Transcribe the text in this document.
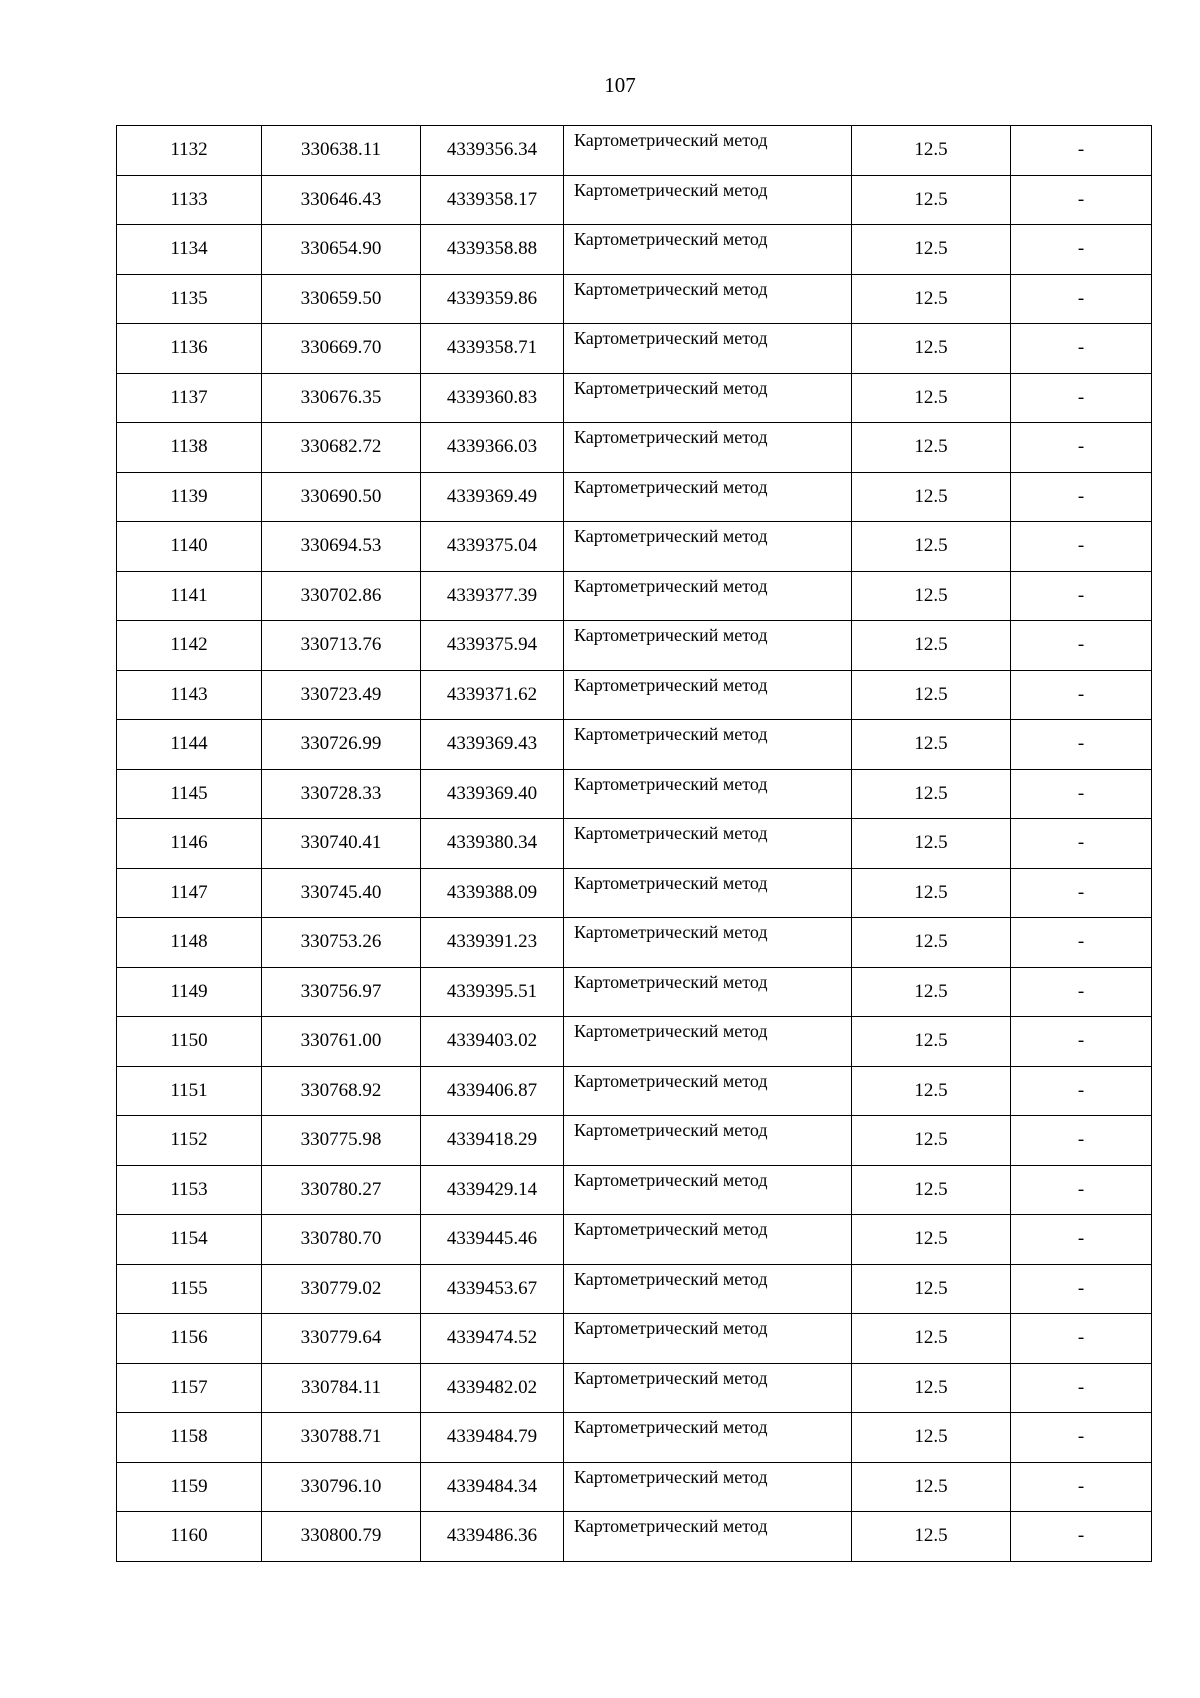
107
1132	330638.11	4339356.34	Картометрический метод	12.5	-
1133	330646.43	4339358.17	Картометрический метод	12.5	-
1134	330654.90	4339358.88	Картометрический метод	12.5	-
1135	330659.50	4339359.86	Картометрический метод	12.5	-
1136	330669.70	4339358.71	Картометрический метод	12.5	-
1137	330676.35	4339360.83	Картометрический метод	12.5	-
1138	330682.72	4339366.03	Картометрический метод	12.5	-
1139	330690.50	4339369.49	Картометрический метод	12.5	-
1140	330694.53	4339375.04	Картометрический метод	12.5	-
1141	330702.86	4339377.39	Картометрический метод	12.5	-
1142	330713.76	4339375.94	Картометрический метод	12.5	-
1143	330723.49	4339371.62	Картометрический метод	12.5	-
1144	330726.99	4339369.43	Картометрический метод	12.5	-
1145	330728.33	4339369.40	Картометрический метод	12.5	-
1146	330740.41	4339380.34	Картометрический метод	12.5	-
1147	330745.40	4339388.09	Картометрический метод	12.5	-
1148	330753.26	4339391.23	Картометрический метод	12.5	-
1149	330756.97	4339395.51	Картометрический метод	12.5	-
1150	330761.00	4339403.02	Картометрический метод	12.5	-
1151	330768.92	4339406.87	Картометрический метод	12.5	-
1152	330775.98	4339418.29	Картометрический метод	12.5	-
1153	330780.27	4339429.14	Картометрический метод	12.5	-
1154	330780.70	4339445.46	Картометрический метод	12.5	-
1155	330779.02	4339453.67	Картометрический метод	12.5	-
1156	330779.64	4339474.52	Картометрический метод	12.5	-
1157	330784.11	4339482.02	Картометрический метод	12.5	-
1158	330788.71	4339484.79	Картометрический метод	12.5	-
1159	330796.10	4339484.34	Картометрический метод	12.5	-
1160	330800.79	4339486.36	Картометрический метод	12.5	-
